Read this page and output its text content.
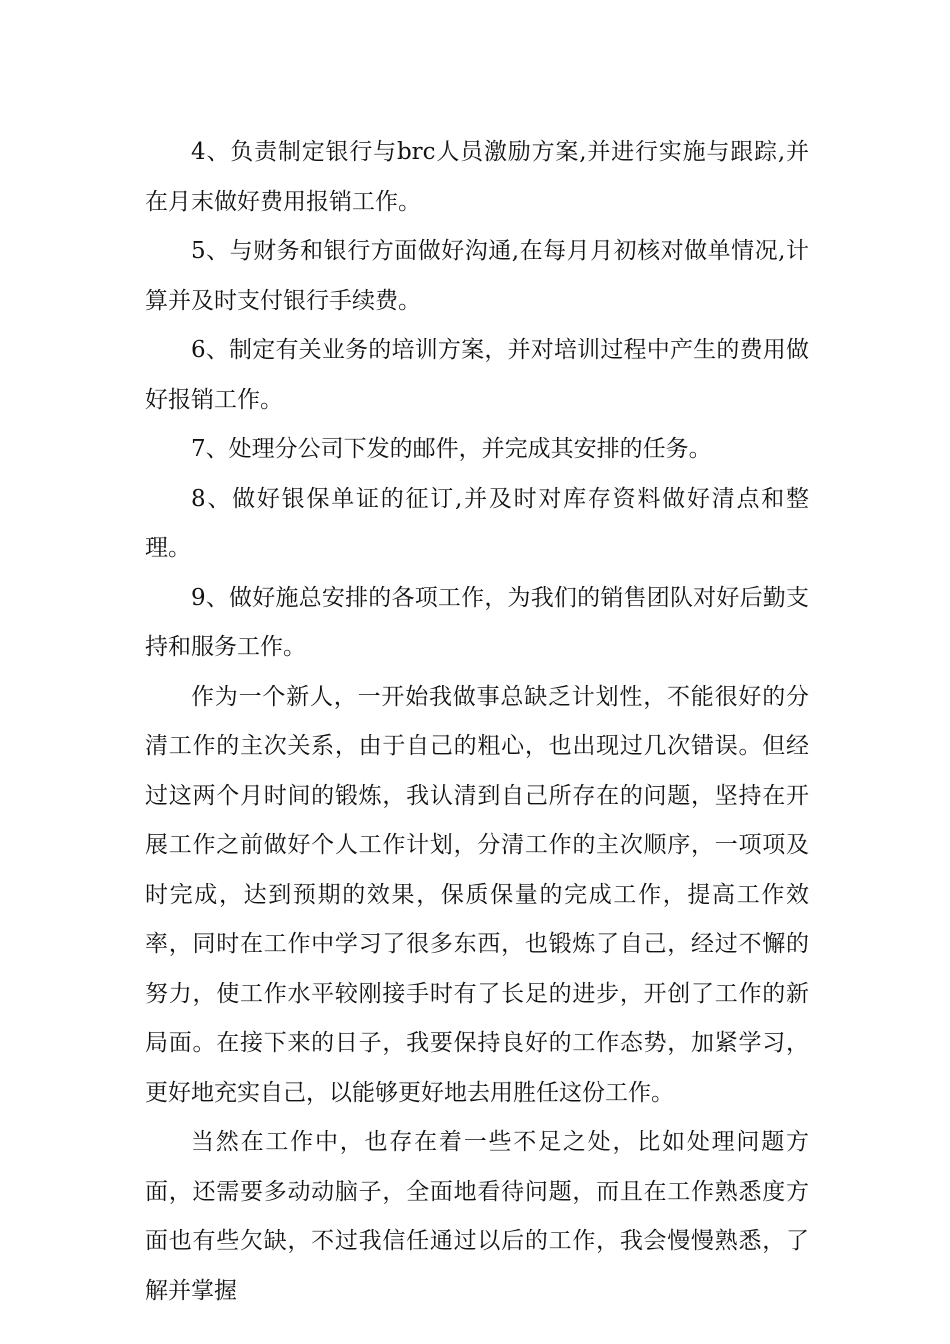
4、负责制定银行与brc人员激励方案,并进行实施与跟踪,并在月末做好费用报销工作。

5、与财务和银行方面做好沟通,在每月月初核对做单情况,计算并及时支付银行手续费。

6、制定有关业务的培训方案，并对培训过程中产生的费用做好报销工作。

7、处理分公司下发的邮件，并完成其安排的任务。

8、做好银保单证的征订,并及时对库存资料做好清点和整理。

9、做好施总安排的各项工作，为我们的销售团队对好后勤支持和服务工作。

作为一个新人，一开始我做事总缺乏计划性，不能很好的分清工作的主次关系，由于自己的粗心，也出现过几次错误。但经过这两个月时间的锻炼，我认清到自己所存在的问题，坚持在开展工作之前做好个人工作计划，分清工作的主次顺序，一项项及时完成，达到预期的效果，保质保量的完成工作，提高工作效率，同时在工作中学习了很多东西，也锻炼了自己，经过不懈的努力，使工作水平较刚接手时有了长足的进步，开创了工作的新局面。在接下来的日子，我要保持良好的工作态势，加紧学习，更好地充实自己，以能够更好地去用胜任这份工作。

当然在工作中，也存在着一些不足之处，比如处理问题方面，还需要多动动脑子，全面地看待问题，而且在工作熟悉度方面也有些欠缺，不过我信任通过以后的工作，我会慢慢熟悉，了解并掌握
